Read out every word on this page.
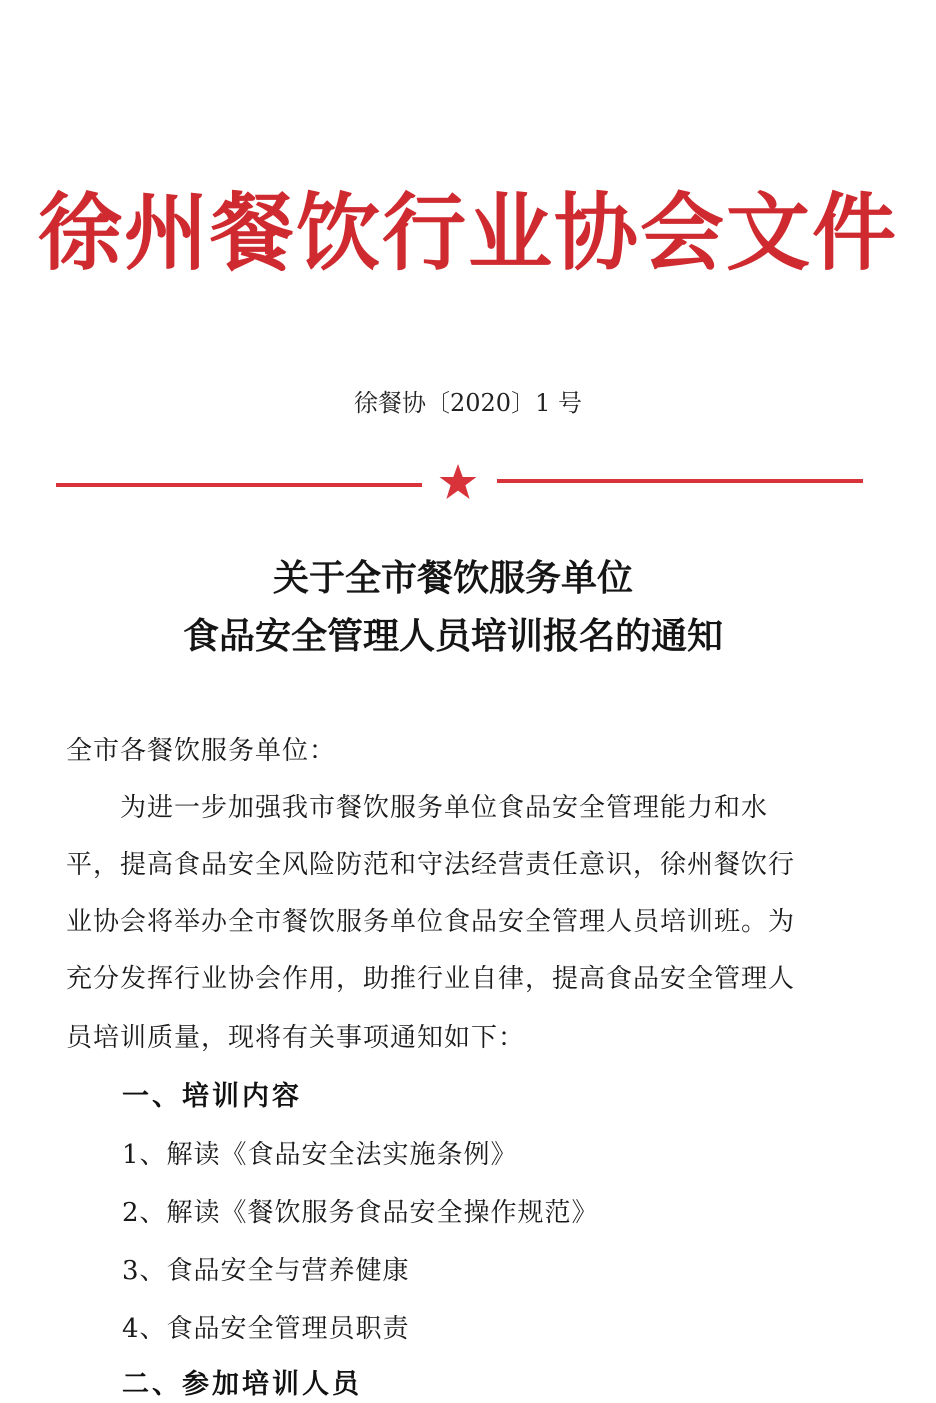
徐州餐饮行业协会文件
徐餐协〔2020〕1 号
关于全市餐饮服务单位
食品安全管理人员培训报名的通知
全市各餐饮服务单位：
为进一步加强我市餐饮服务单位食品安全管理能力和水
平，提高食品安全风险防范和守法经营责任意识，徐州餐饮行
业协会将举办全市餐饮服务单位食品安全管理人员培训班。为
充分发挥行业协会作用，助推行业自律，提高食品安全管理人
员培训质量，现将有关事项通知如下：
一、培训内容
1、解读《食品安全法实施条例》
2、解读《餐饮服务食品安全操作规范》
3、食品安全与营养健康
4、食品安全管理员职责
二、参加培训人员
